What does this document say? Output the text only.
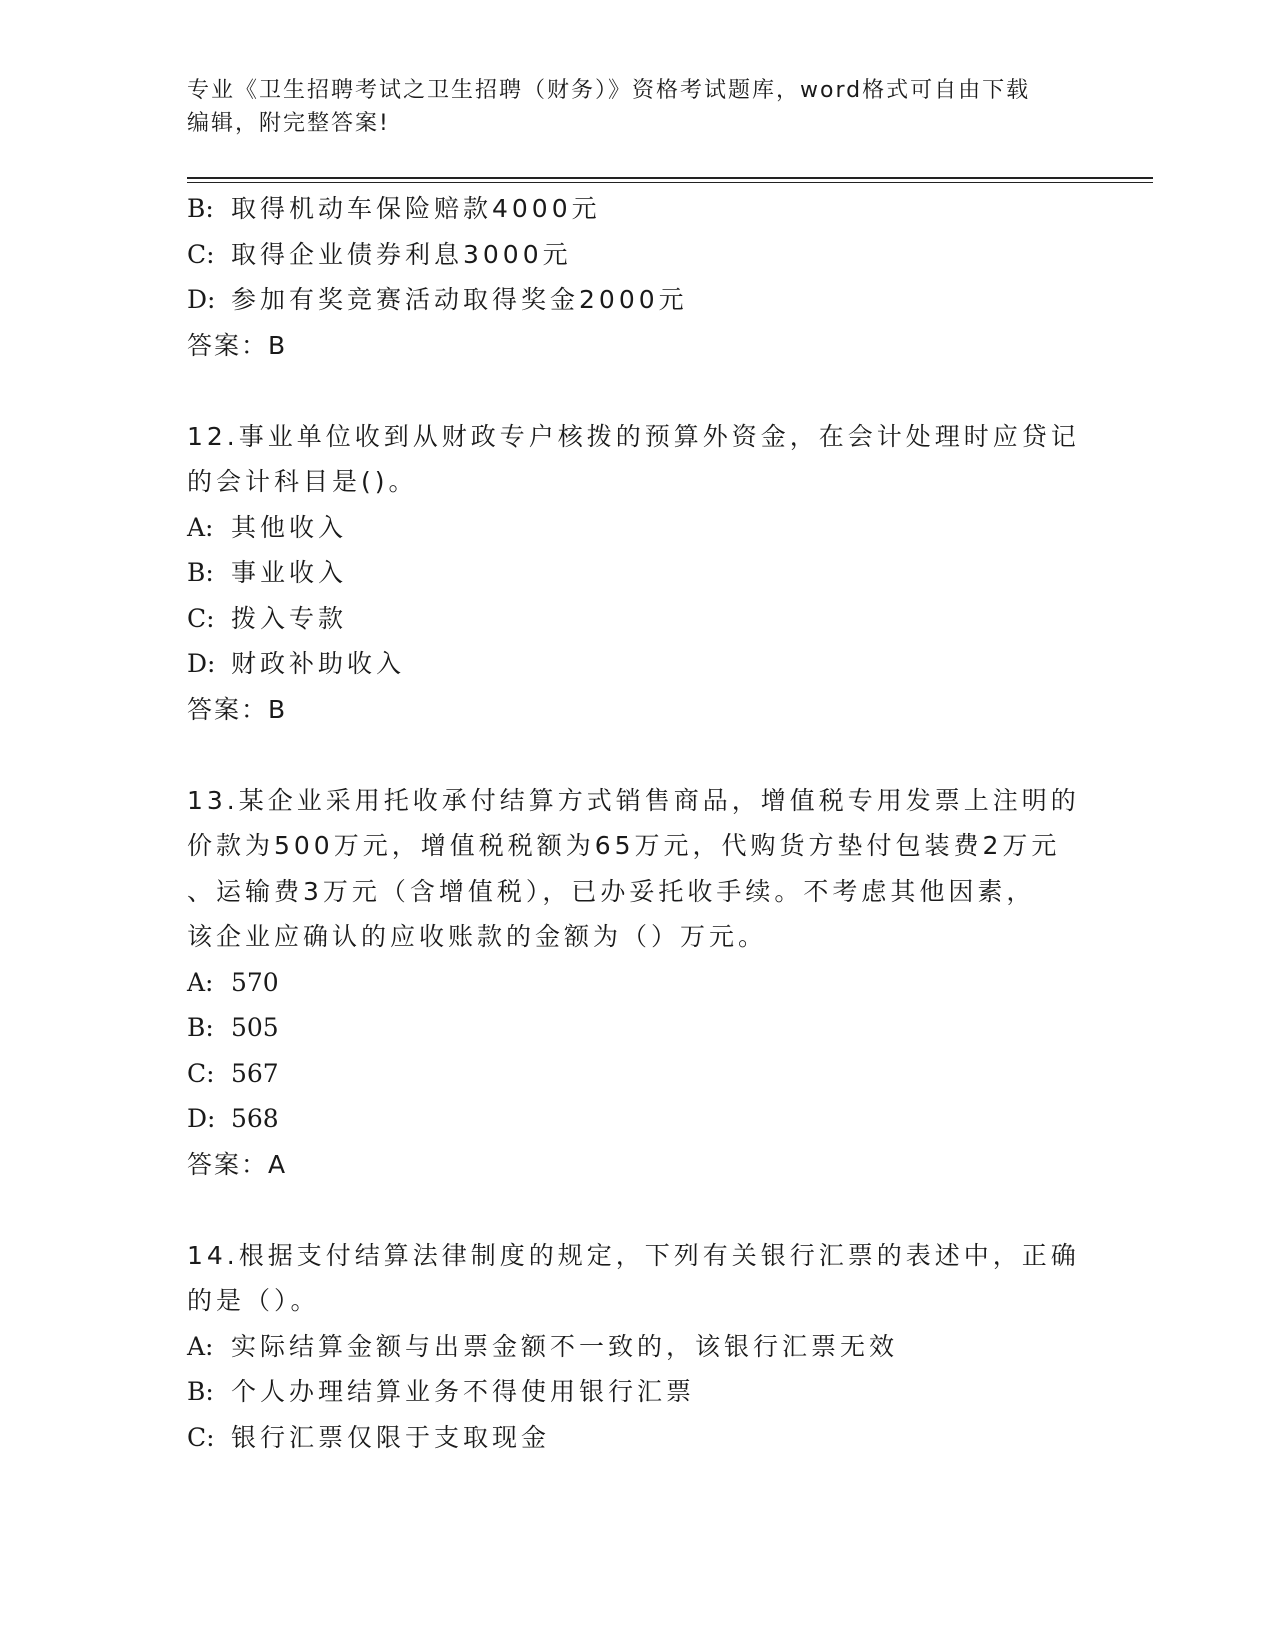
专业《卫生招聘考试之卫生招聘（财务）》资格考试题库，word格式可自由下载
编辑，附完整答案!
B: 取得机动车保险赔款4000元
C: 取得企业债券利息3000元
D: 参加有奖竞赛活动取得奖金2000元
答案：B
12.事业单位收到从财政专户核拨的预算外资金，在会计处理时应贷记
的会计科目是()。
A: 其他收入
B: 事业收入
C: 拨入专款
D: 财政补助收入
答案：B
13.某企业采用托收承付结算方式销售商品，增值税专用发票上注明的
价款为500万元，增值税税额为65万元，代购货方垫付包装费2万元
、运输费3万元（含增值税），已办妥托收手续。不考虑其他因素，
该企业应确认的应收账款的金额为（）万元。
A: 570
B: 505
C: 567
D: 568
答案：A
14.根据支付结算法律制度的规定，下列有关银行汇票的表述中，正确
的是（）。
A: 实际结算金额与出票金额不一致的，该银行汇票无效
B: 个人办理结算业务不得使用银行汇票
C: 银行汇票仅限于支取现金
